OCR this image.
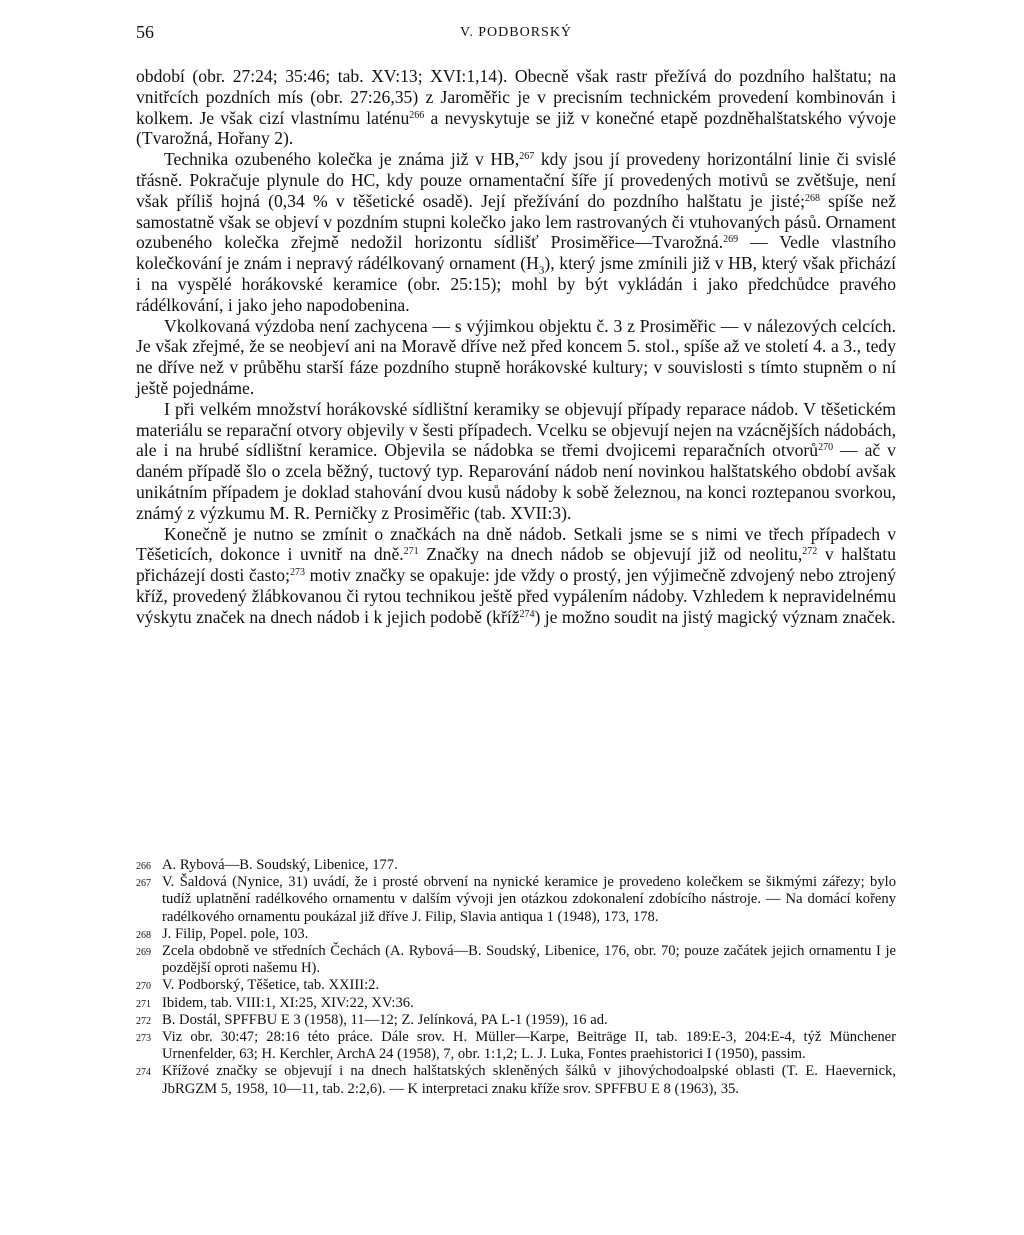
56	V. PODBORSKÝ

období (obr. 27:24; 35:46; tab. XV:13; XVI:1,14). Obecně však rastr přežívá do pozdního halštatu; na vnitřcích pozdních mís (obr. 27:26,35) z Jaroměřic je v precisním technickém provedení kombinován i kolkem. Je však cizí vlastnímu laténu$^{266}$ a nevyskytuje se již v konečné etapě pozdněhalštatského vývoje (Tvarožná, Hořany 2).

Technika ozubeného kolečka je známa již v HB,$^{267}$ kdy jsou jí provedeny horizontální linie či svislé třásně. Pokračuje plynule do HC, kdy pouze ornamentační šíře jí provedených motivů se zvětšuje, není však příliš hojná (0,34 % v těšetické osadě). Její přežívání do pozdního halštatu je jisté;$^{268}$ spíše než samostatně však se objeví v pozdním stupni kolečko jako lem rastrovaných či vtuhovaných pásů. Ornament ozubeného kolečka zřejmě nedožil horizontu sídlišť Prosiměřice—Tvarožná.$^{269}$ — Vedle vlastního kolečkování je znám i nepravý rádélkovaný ornament $(H_3)$, který jsme zmínili již v HB, který však přichází i na vyspělé horákovské keramice (obr. 25:15); mohl by být vykládán i jako předchůdce pravého rádélkování, i jako jeho napodobenina.

Vkolkovaná výzdoba není zachycena — s výjimkou objektu č. 3 z Prosiměřic — v nálezových celcích. Je však zřejmé, že se neobjeví ani na Moravě dříve než před koncem 5. stol., spíše až ve století 4. a 3., tedy ne dříve než v průběhu starší fáze pozdního stupně horákovské kultury; v souvislosti s tímto stupněm o ní ještě pojednáme.

I při velkém množství horákovské sídlištní keramiky se objevují případy reparace nádob. V těšetickém materiálu se reparační otvory objevily v šesti případech. Vcelku se objevují nejen na vzácnějších nádobách, ale i na hrubé sídlištní keramice. Objevila se nádobka se třemi dvojicemi reparačních otvorů$^{270}$ — ač v daném případě šlo o zcela běžný, tuctový typ. Reparování nádob není novinkou halštatského období avšak unikátním případem je doklad stahování dvou kusů nádoby k sobě železnou, na konci roztepanou svorkou, známý z výzkumu M. R. Perničky z Prosiměřic (tab. XVII:3).

Konečně je nutno se zmínit o značkách na dně nádob. Setkali jsme se s nimi ve třech případech v Těšeticích, dokonce i uvnitř na dně.$^{271}$ Značky na dnech nádob se objevují již od neolitu,$^{272}$ v halštatu přicházejí dosti často;$^{273}$ motiv značky se opakuje: jde vždy o prostý, jen výjimečně zdvojený nebo ztrojený kříž, provedený žlábkovanou či rytou technikou ještě před vypálením nádoby. Vzhledem k nepravidelnému výskytu značek na dnech nádob i k jejich podobě (kříž$^{274}$) je možno soudit na jistý magický význam značek.

266 A. Rybová—B. Soudský, Libenice, 177.
267 V. Šaldová (Nynice, 31) uvádí, že i prosté obrvení na nynické keramice je provedeno kolečkem se šikmými zářezy; bylo tudíž uplatnění radélkového ornamentu v dalším vývoji jen otázkou zdokonalení zdobícího nástroje. — Na domácí kořeny radélkového ornamentu poukázal již dříve J. Filip, Slavia antiqua 1 (1948), 173, 178.
268 J. Filip, Popel. pole, 103.
269 Zcela obdobně ve středních Čechách (A. Rybová—B. Soudský, Libenice, 176, obr. 70; pouze začátek jejich ornamentu I je pozdější oproti našemu H).
270 V. Podborský, Těšetice, tab. XXIII:2.
271 Ibidem, tab. VIII:1, XI:25, XIV:22, XV:36.
272 B. Dostál, SPFFBU E 3 (1958), 11—12; Z. Jelínková, PA L-1 (1959), 16 ad.
273 Viz obr. 30:47; 28:16 této práce. Dále srov. H. Müller—Karpe, Beiträge II, tab. 189:E-3, 204:E-4, týž Münchener Urnenfelder, 63; H. Kerchler, ArchA 24 (1958), 7, obr. 1:1,2; L. J. Luka, Fontes praehistorici I (1950), passim.
274 Křížové značky se objevují i na dnech halštatských skleněných šálků v jihovýchodoalpské oblasti (T. E. Haevernick, JbRGZM 5, 1958, 10—11, tab. 2:2,6). — K interpretaci znaku kříže srov. SPFFBU E 8 (1963), 35.
